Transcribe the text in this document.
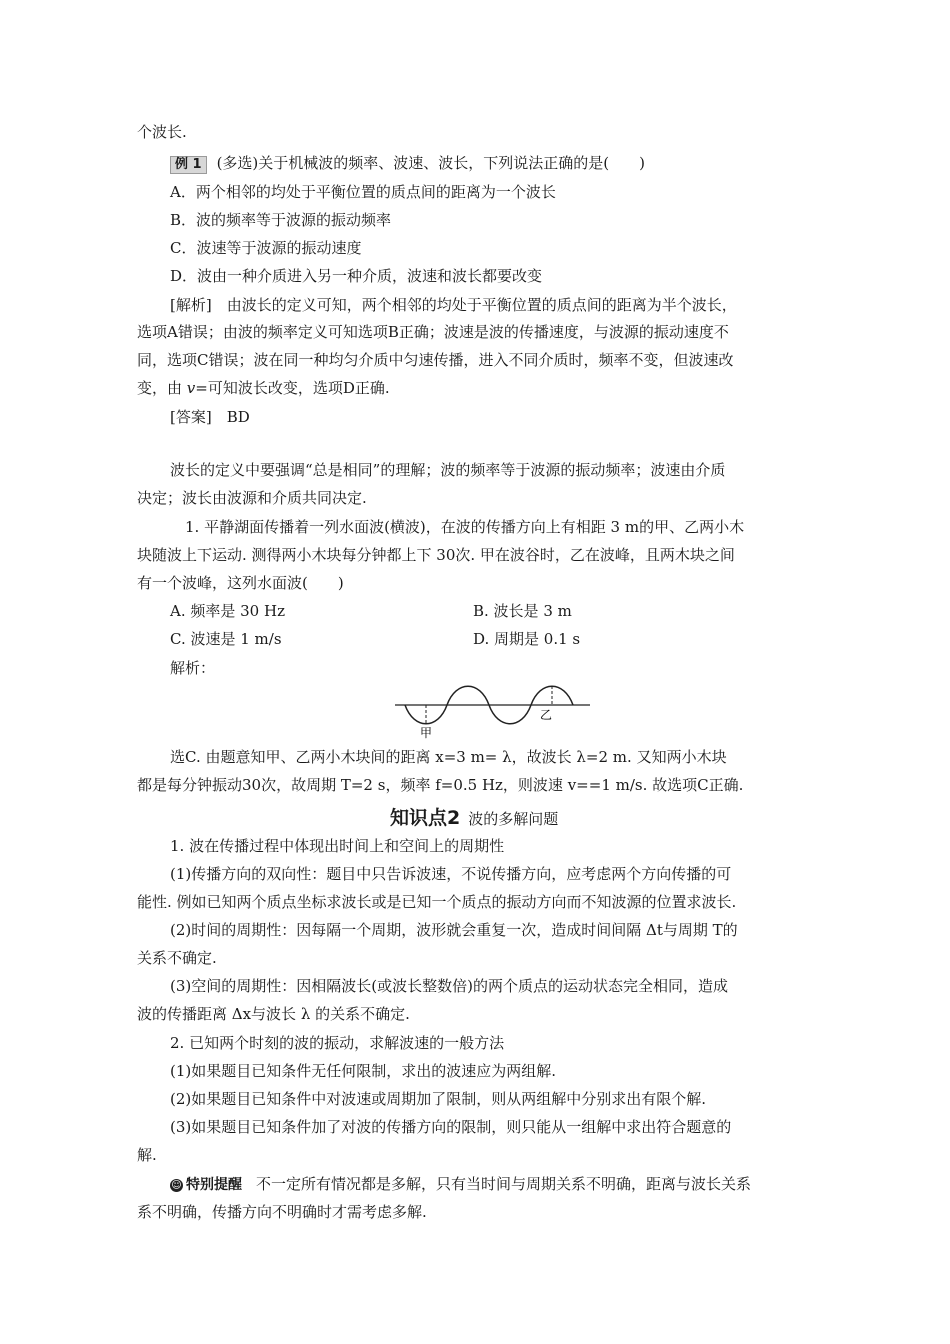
个波长.
例 1 (多选)关于机械波的频率、波速、波长，下列说法正确的是(　　)
A．两个相邻的均处于平衡位置的质点间的距离为一个波长
B．波的频率等于波源的振动频率
C．波速等于波源的振动速度
D．波由一种介质进入另一种介质，波速和波长都要改变
[解析]　由波长的定义可知，两个相邻的均处于平衡位置的质点间的距离为半个波长，
选项A错误；由波的频率定义可知选项B正确；波速是波的传播速度，与波源的振动速度不
同，选项C错误；波在同一种均匀介质中匀速传播，进入不同介质时，频率不变，但波速改
变，由 v=可知波长改变，选项D正确.
[答案]　BD
波长的定义中要强调“总是相同”的理解；波的频率等于波源的振动频率；波速由介质
决定；波长由波源和介质共同决定.
1. 平静湖面传播着一列水面波(横波)，在波的传播方向上有相距 3 m的甲、乙两小木
块随波上下运动. 测得两小木块每分钟都上下 30次. 甲在波谷时，乙在波峰，且两木块之间
有一个波峰，这列水面波(　　)
A. 频率是 30 Hz	B. 波长是 3 m
C. 波速是 1 m/s	D. 周期是 0.1 s
解析：
甲
乙
选C. 由题意知甲、乙两小木块间的距离 x=3 m= λ，故波长 λ=2 m. 又知两小木块
都是每分钟振动30次，故周期 T=2 s，频率 f=0.5 Hz，则波速 v==1 m/s. 故选项C正确.
知识点2 波的多解问题
1. 波在传播过程中体现出时间上和空间上的周期性
(1)传播方向的双向性：题目中只告诉波速，不说传播方向，应考虑两个方向传播的可
能性. 例如已知两个质点坐标求波长或是已知一个质点的振动方向而不知波源的位置求波长.
(2)时间的周期性：因每隔一个周期，波形就会重复一次，造成时间间隔 Δt与周期 T的
关系不确定.
(3)空间的周期性：因相隔波长(或波长整数倍)的两个质点的运动状态完全相同，造成
波的传播距离 Δx与波长 λ 的关系不确定.
2. 已知两个时刻的波的振动，求解波速的一般方法
(1)如果题目已知条件无任何限制，求出的波速应为两组解.
(2)如果题目已知条件中对波速或周期加了限制，则从两组解中分别求出有限个解.
(3)如果题目已知条件加了对波的传播方向的限制，则只能从一组解中求出符合题意的
解.
☺ 特别提醒 不一定所有情况都是多解，只有当时间与周期关系不明确，距离与波长关系
系不明确，传播方向不明确时才需考虑多解.
